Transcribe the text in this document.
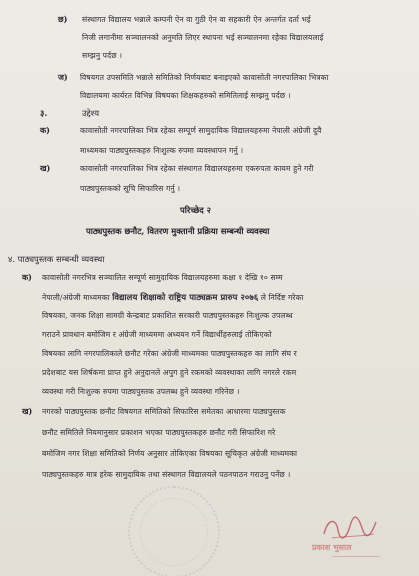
छ) संस्थागत विद्यालय भन्नाले कम्पनी ऐन वा गुठी ऐन वा सहकारी ऐन अन्तर्गत दर्ता भई
निजी लगानीमा सञ्चालनको अनुमति लिएर स्थापना भई सञ्चालनमा रहेका विद्यालयलाई
सम्झनु पर्दछ ।
ज) विषयगत उपसमिति भन्नाले समितिको निर्णयबाट बनाइएको कावासोती नगरपालिका भित्रका
विद्यालयमा कार्यरत विभिन्न विषयका शिक्षकहरुको समितिलाई सम्झनु पर्दछ ।
३.	उद्देश्य
क)	कावासोती नगरपालिका भित्र रहेका सम्पूर्ण सामुदायिक विद्यालयहरुमा नेपाली अंग्रेजी दुवै
माध्यमका पाठ्यपुस्तकहरु निःशुल्क रुपमा व्यवस्थापन गर्नु ।
ख)	कावासोती नगरपालिका भित्र रहेका संस्थागत विद्यालयहरुमा एकरुपता कायम हुने गरी
पाठ्यपुस्तकको सूचि सिफारिस गर्नु ।
परिच्छेद २
पाठ्यपुस्तक छनौट, वितरण मुक्तानी प्रक्रिया सम्बन्धी व्यवस्था
४. पाठ्यपुस्तक सम्बन्धी व्यवस्था
क) कावासोती नगरभित्र सञ्चालित सम्पूर्ण सामुदायिक विद्यालयहरुमा कक्षा १ देखि १० सम्म
नेपाली/अंग्रेजी माध्यमका विद्यालय शिक्षाको राष्ट्रिय पाठ्यक्रम प्रारुप २०७६ ले निर्दिष्ट गरेका
विषयका, जनक शिक्षा सामग्री केन्द्रबाट प्रकाशित सरकारी पाठ्यपुस्तकहरु निःशुल्क उपलब्ध
गराउने प्रावधान बमोजिम र अंग्रेजी माध्यममा अध्ययन गर्ने विद्यार्थीहरुलाई तोकिएको
विषयका लागि नगरपालिकाले छनौट गरेका अंग्रेजी माध्यमका पाठ्यपुस्तकहरु का लागि संघ र
प्रदेशबाट यस शिर्षकमा प्राप्त हुने अनुदानले अपुग हुने रकमको व्यवस्थाका लागि नगरले रकम
व्यवस्था गरी निःशुल्क रुपमा पाठ्यपुस्तक उपलब्ध हुने व्यवस्था गरिनेछ ।
ख) नगरको पाठ्यपुस्तक छनौट विषयगत समितिको सिफारिस समेतका आधारमा पाठ्यपुस्तक
छनौट समितिले नियमानुसार प्रकाशन भएका पाठ्यपुस्तकहरु छनौट गरी सिफारिश गरे
बमोजिम नगर शिक्षा समितिको निर्णय अनुसार तोकिएका विषयका सूचिकृत अंग्रेजी माध्यमका
पाठ्यपुस्तकहरु मात्र हरेक सामुदायिक तथा संस्थागत विद्यालयले पठनपाठन गराउनु पर्नेछ ।
प्रकाश भुसाल
